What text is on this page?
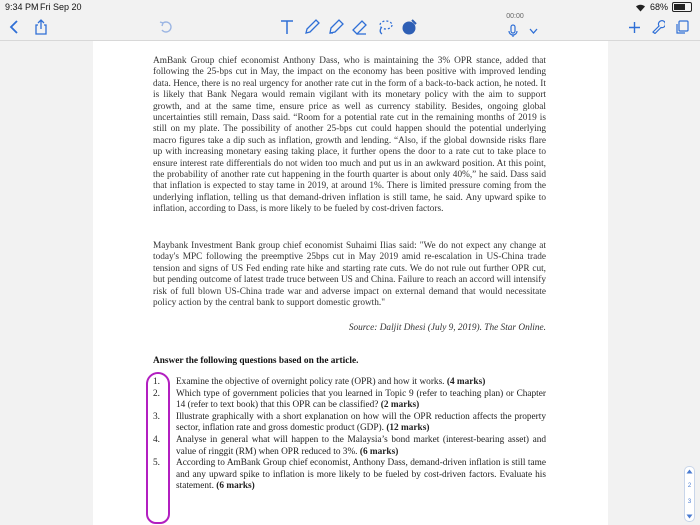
9:34 PM Fri Sep 20	68%
00:00

AmBank Group chief economist Anthony Dass, who is maintaining the 3% OPR stance, added that following the 25-bps cut in May, the impact on the economy has been positive with improved lending data. Hence, there is no real urgency for another rate cut in the form of a back-to-back action, he noted. It is likely that Bank Negara would remain vigilant with its monetary policy with the aim to support growth, and at the same time, ensure price as well as currency stability. Besides, ongoing global uncertainties still remain, Dass said. “Room for a potential rate cut in the remaining months of 2019 is still on my plate. The possibility of another 25-bps cut could happen should the potential underlying macro figures take a dip such as inflation, growth and lending. “Also, if the global downside risks flare up with increasing monetary easing taking place, it further opens the door to a rate cut to take place to ensure interest rate differentials do not widen too much and put us in an awkward position. At this point, the probability of another rate cut happening in the fourth quarter is about only 40%,” he said. Dass said that inflation is expected to stay tame in 2019, at around 1%. There is limited pressure coming from the underlying inflation, telling us that demand-driven inflation is still tame, he said. Any upward spike to inflation, according to Dass, is more likely to be fueled by cost-driven factors.

Maybank Investment Bank group chief economist Suhaimi Ilias said: "We do not expect any change at today's MPC following the preemptive 25bps cut in May 2019 amid re-escalation in US-China trade tension and signs of US Fed ending rate hike and starting rate cuts. We do not rule out further OPR cut, but pending outcome of latest trade truce between US and China. Failure to reach an accord will intensify risk of full blown US-China trade war and adverse impact on external demand that would necessitate policy action by the central bank to support domestic growth."

Source: Daljit Dhesi (July 9, 2019). The Star Online.
Answer the following questions based on the article.
1.	Examine the objective of overnight policy rate (OPR) and how it works. (4 marks)
2.	Which type of government policies that you learned in Topic 9 (refer to teaching plan) or Chapter 14 (refer to text book) that this OPR can be classified? (2 marks)
3.	Illustrate graphically with a short explanation on how will the OPR reduction affects the property sector, inflation rate and gross domestic product (GDP). (12 marks)
4.	Analyse in general what will happen to the Malaysia’s bond market (interest-bearing asset) and value of ringgit (RM) when OPR reduced to 3%. (6 marks)
5.	According to AmBank Group chief economist, Anthony Dass, demand-driven inflation is still tame and any upward spike to inflation is more likely to be fueled by cost-driven factors. Evaluate his statement. (6 marks)	2
3
